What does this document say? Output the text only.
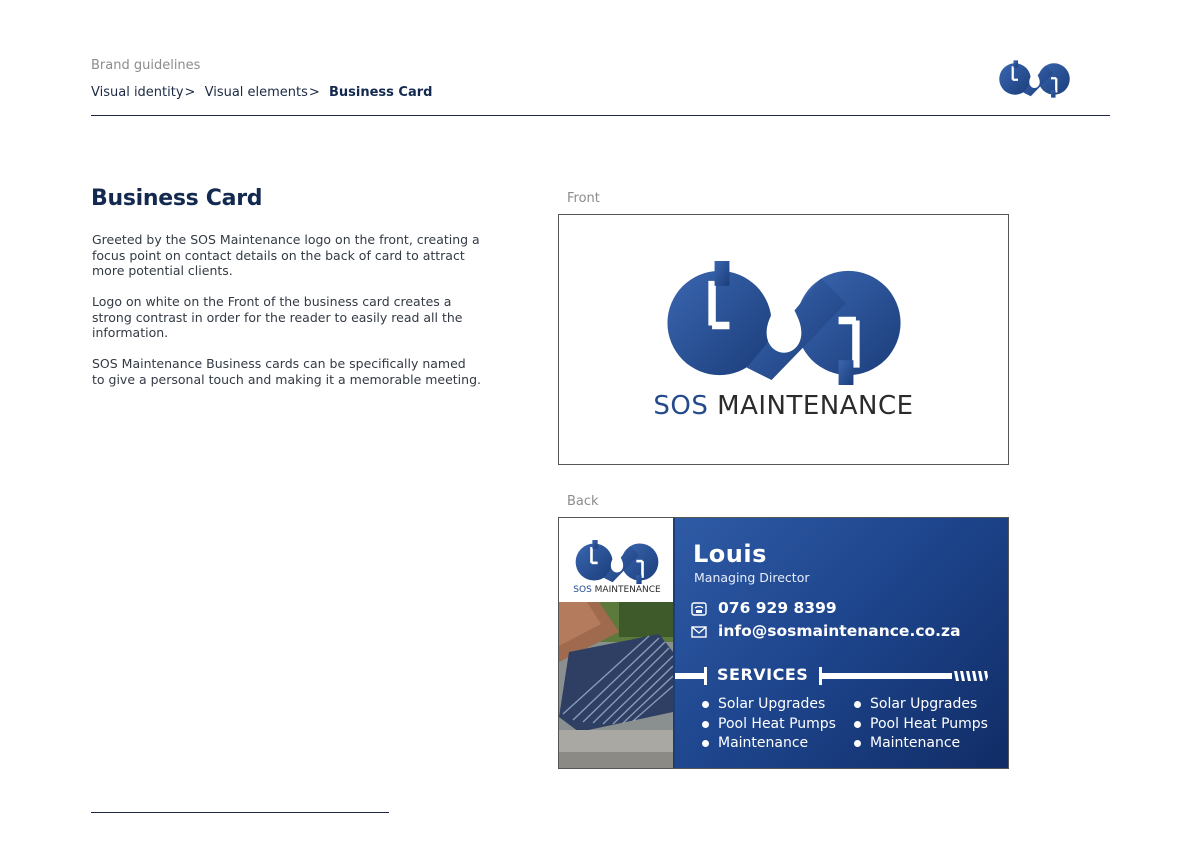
Brand guidelines
Visual identity> Visual elements> Business Card
Business Card
Greeted by the SOS Maintenance logo on the front, creating a focus point on contact details on the back of card to attract more potential clients.
Logo on white on the Front of the business card creates a strong contrast in order for the reader to easily read all the information.
SOS Maintenance Business cards can be specifically named to give a personal touch and making it a memorable meeting.
Front
SOS MAINTENANCE
Back
SOS MAINTENANCE
Louis
Managing Director
076 929 8399
info@sosmaintenance.co.za
SERVICES
Solar Upgrades
Pool Heat Pumps
Maintenance
Solar Upgrades
Pool Heat Pumps
Maintenance
